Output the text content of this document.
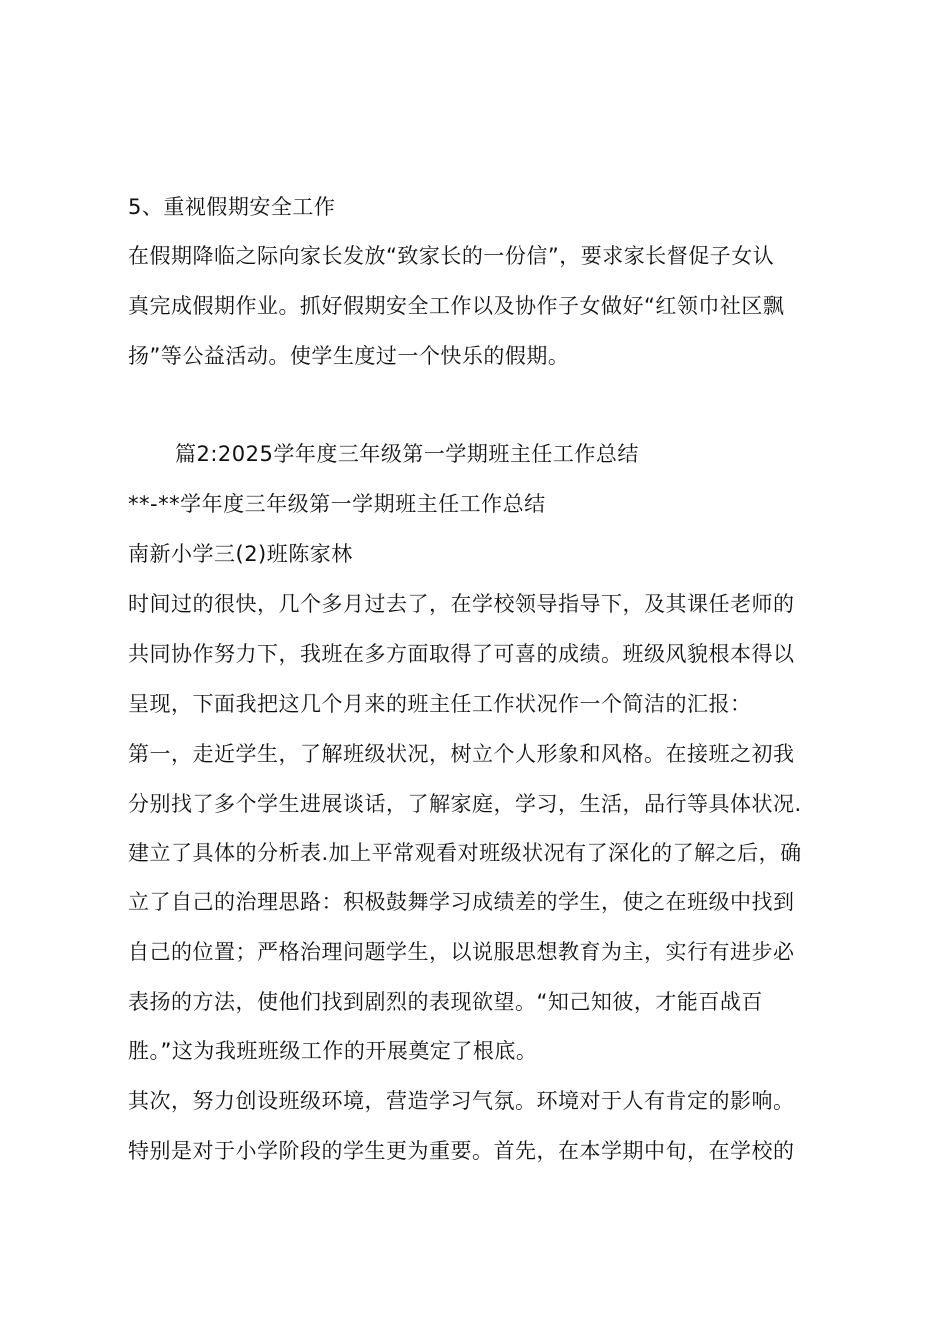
5、重视假期安全工作
在假期降临之际向家长发放“致家长的一份信”，要求家长督促子女认
真完成假期作业。抓好假期安全工作以及协作子女做好“红领巾社区飘
扬”等公益活动。使学生度过一个快乐的假期。
篇2:2025学年度三年级第一学期班主任工作总结
**-**学年度三年级第一学期班主任工作总结
南新小学三(2)班陈家林
时间过的很快，几个多月过去了，在学校领导指导下，及其课任老师的
共同协作努力下，我班在多方面取得了可喜的成绩。班级风貌根本得以
呈现，下面我把这几个月来的班主任工作状况作一个简洁的汇报：
第一，走近学生，了解班级状况，树立个人形象和风格。在接班之初我
分别找了多个学生进展谈话，了解家庭，学习，生活，品行等具体状况.
建立了具体的分析表.加上平常观看对班级状况有了深化的了解之后，确
立了自己的治理思路：积极鼓舞学习成绩差的学生，使之在班级中找到
自己的位置；严格治理问题学生，以说服思想教育为主，实行有进步必
表扬的方法，使他们找到剧烈的表现欲望。“知己知彼，才能百战百
胜。”这为我班班级工作的开展奠定了根底。
其次，努力创设班级环境，营造学习气氛。环境对于人有肯定的影响。
特别是对于小学阶段的学生更为重要。首先，在本学期中旬，在学校的
